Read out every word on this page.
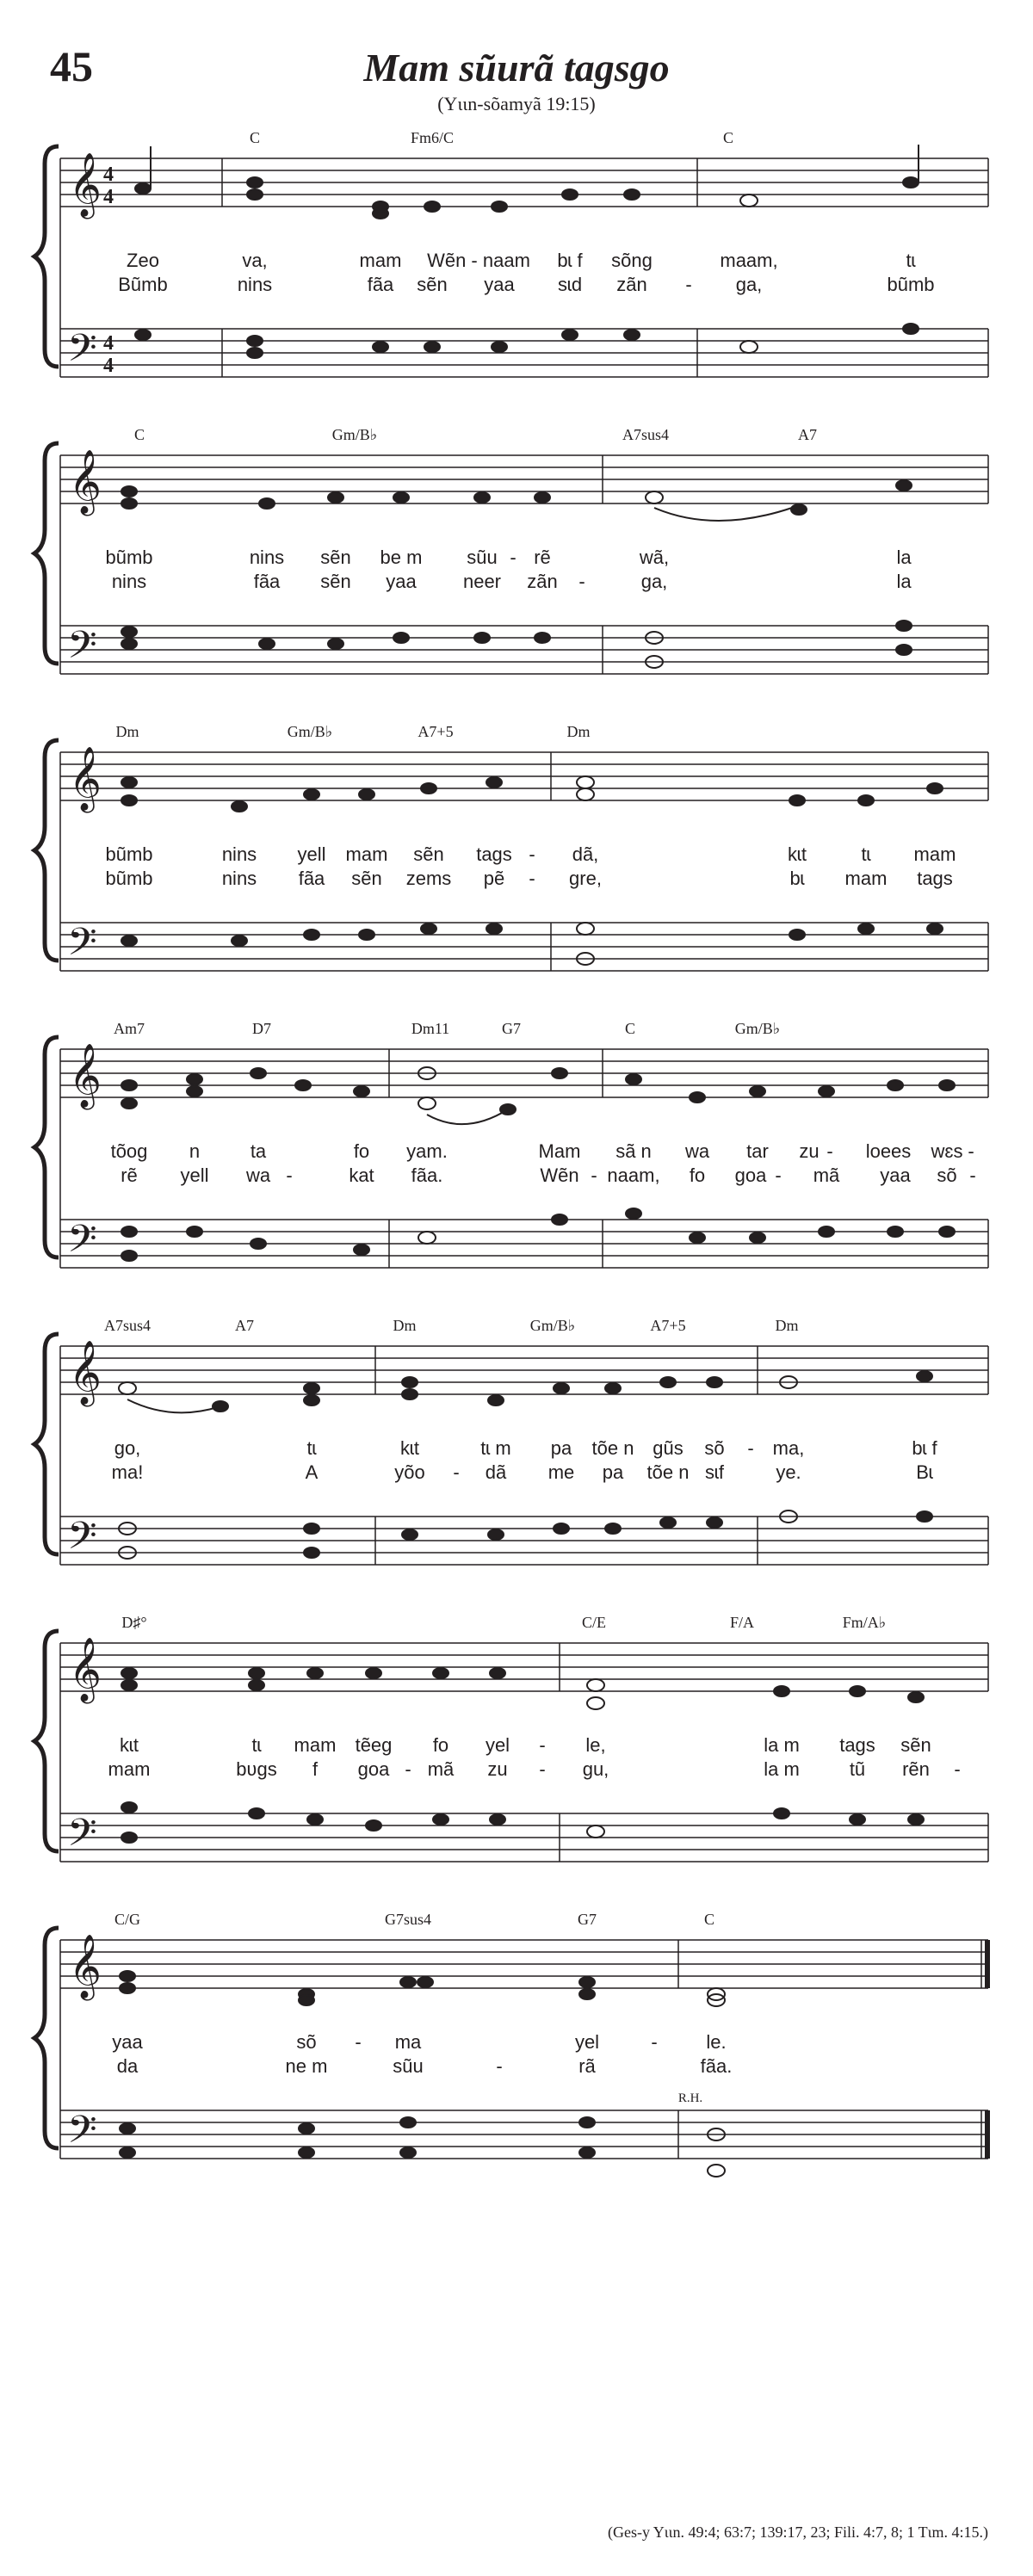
45	Mam sũurã tagsgo
(Yɩɩn-sõamyã 19:15)
𝄞
𝄢
4
4
4
4
C	Fm6/C	C
Zeo	va,	mam Wẽn - naam bɩ f sõng	maam,	tɩ
Bũmb	nins	fãa sẽn yaa sɩd zãn - ga,	bũmb
𝄞
𝄢
C	Gm/B♭	A7sus4	A7
bũmb	nins sẽn be m sũu - rẽ	wã,	la
nins	fãa sẽn yaa neer zãn -	ga,	la
𝄞
𝄢
Dm	Gm/B♭	A7+5	Dm
bũmb	nins yell mam sẽn tags - dã,	kɩt	tɩ mam
bũmb	nins fãa sẽn zems pẽ - gre,	bɩ mam tags
𝄞
𝄢
Am7	D7	Dm11	G7	C	Gm/B♭
tõog n	ta	fo yam.	Mam sã n wa tar zu - loees wɛs -
rẽ yell wa -	kat fãa.	Wẽn - naam, fo goa - mã yaa sõ -
𝄞
𝄢
A7sus4	A7	Dm	Gm/B♭	A7+5	Dm
go,	tɩ	kɩt	tɩ m pa tõe n gũs sõ - ma,	bɩ f
ma!	A	yõo - dã me pa tõe n sɩf	ye.	Bɩ
𝄞
𝄢
D♯°	C/E	F/A	Fm/A♭
kɩt	tɩ mam tẽeg fo yel - le,	la m tags sẽn
mam	bʋgs f goa - mã zu - gu,	la m	tũ rẽn -
𝄞
𝄢
C/G	G7sus4	G7	C
yaa	sõ - ma	yel	-	le.
da	ne m	sũu	-	rã	fãa.
R.H.
(Ges-y Yɩɩn. 49:4; 63:7; 139:17, 23; Fili. 4:7, 8; 1 Tɩm. 4:15.)
